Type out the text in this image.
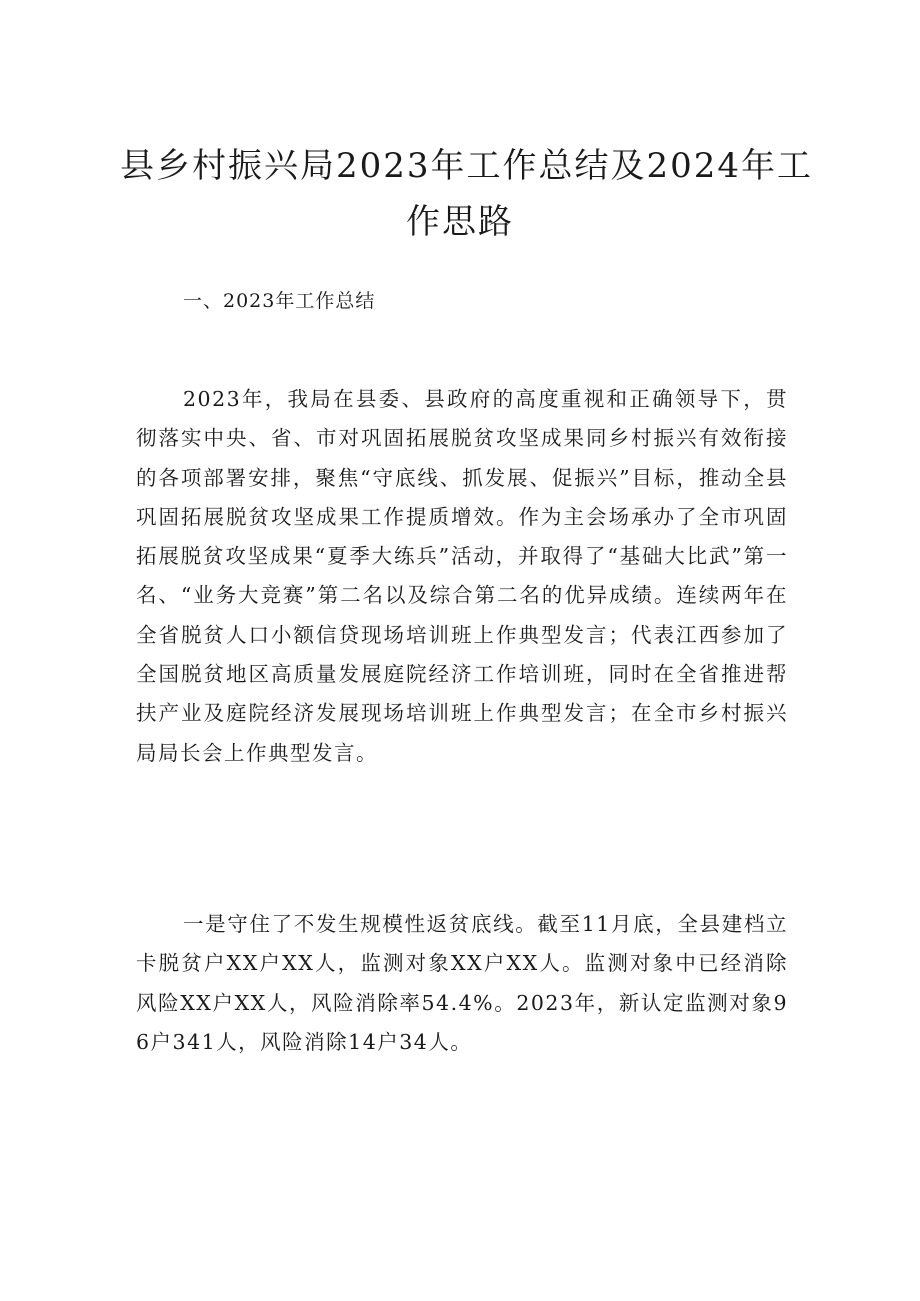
县乡村振兴局2023年工作总结及2024年工
作思路
一、2023年工作总结

2023年，我局在县委、县政府的高度重视和正确领导下，贯彻落实中央、省、市对巩固拓展脱贫攻坚成果同乡村振兴有效衔接的各项部署安排，聚焦“守底线、抓发展、促振兴”目标，推动全县巩固拓展脱贫攻坚成果工作提质增效。作为主会场承办了全市巩固拓展脱贫攻坚成果“夏季大练兵”活动，并取得了“基础大比武”第一名、“业务大竞赛”第二名以及综合第二名的优异成绩。连续两年在全省脱贫人口小额信贷现场培训班上作典型发言；代表江西参加了全国脱贫地区高质量发展庭院经济工作培训班，同时在全省推进帮扶产业及庭院经济发展现场培训班上作典型发言；在全市乡村振兴局局长会上作典型发言。

一是守住了不发生规模性返贫底线。截至11月底，全县建档立卡脱贫户XX户XX人，监测对象XX户XX人。监测对象中已经消除风险XX户XX人，风险消除率54.4%。2023年，新认定监测对象96户341人，风险消除14户34人。
